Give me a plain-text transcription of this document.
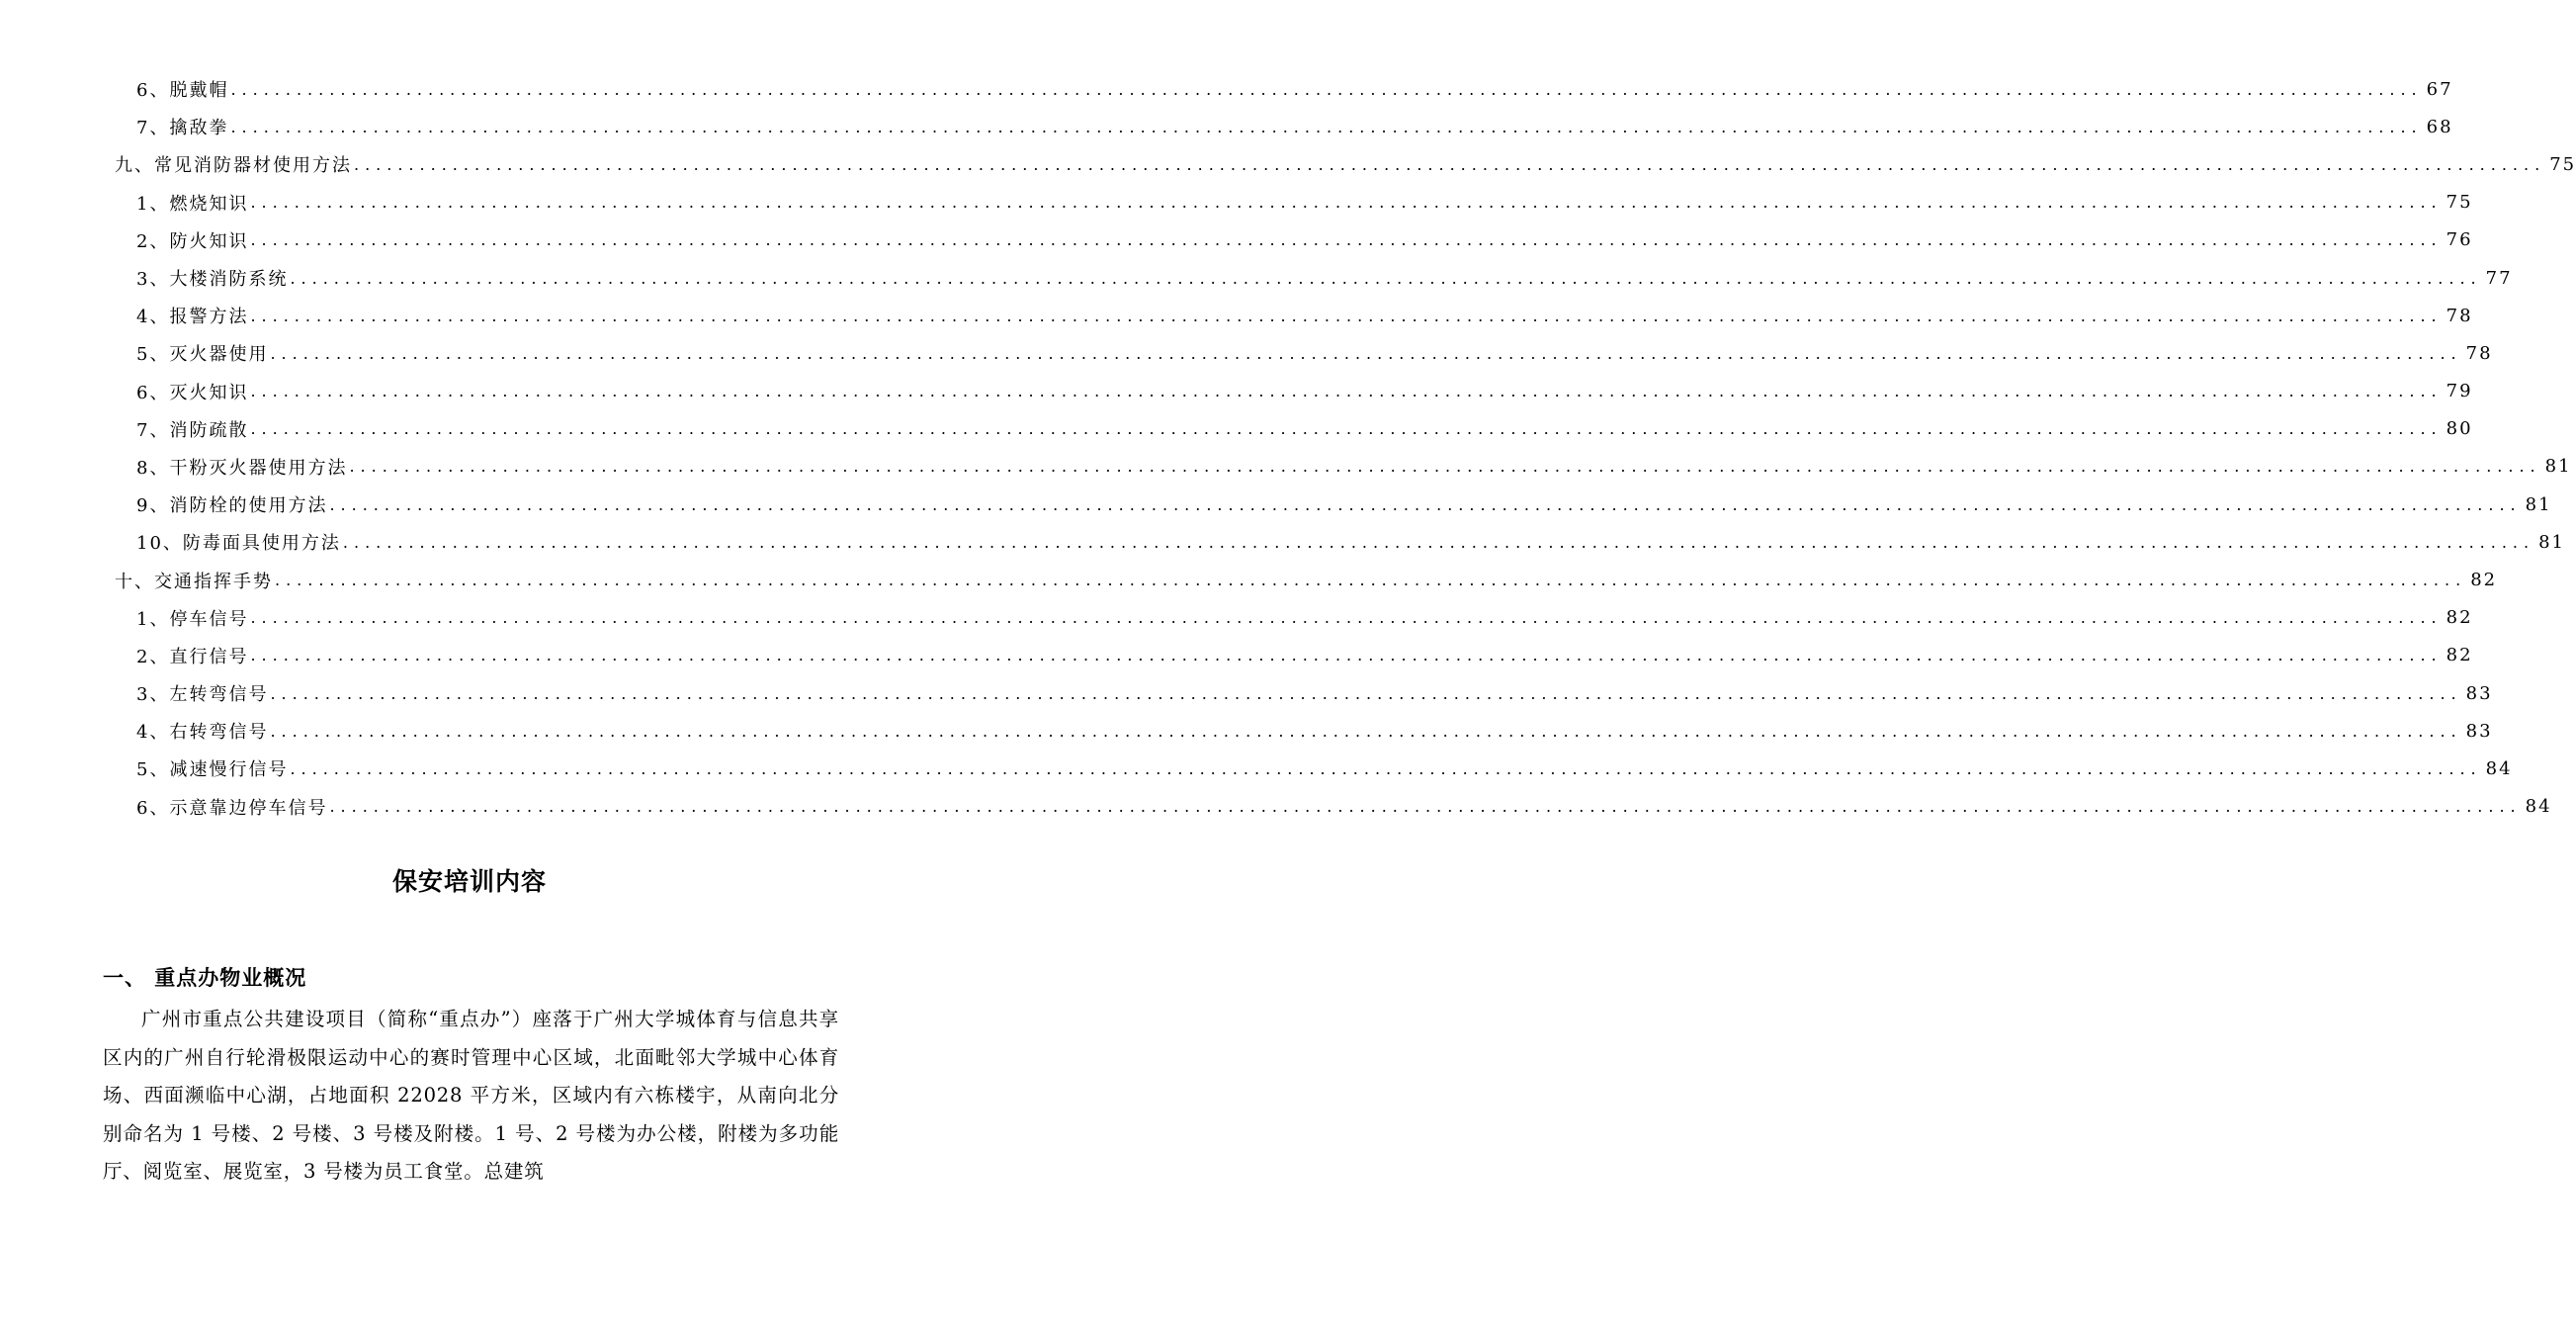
6、脱戴帽 ........................................................................................................................................................................................................ 67
7、擒敌拳 ........................................................................................................................................................................................................ 68
九、常见消防器材使用方法 ........................................................................................................................................................................................................ 75
1、燃烧知识 ........................................................................................................................................................................................................ 75
2、防火知识 ........................................................................................................................................................................................................ 76
3、大楼消防系统 ........................................................................................................................................................................................................ 77
4、报警方法 ........................................................................................................................................................................................................ 78
5、灭火器使用 ........................................................................................................................................................................................................ 78
6、灭火知识 ........................................................................................................................................................................................................ 79
7、消防疏散 ........................................................................................................................................................................................................ 80
8、干粉灭火器使用方法 ........................................................................................................................................................................................................ 81
9、消防栓的使用方法 ........................................................................................................................................................................................................ 81
10、防毒面具使用方法 ........................................................................................................................................................................................................ 81
十、交通指挥手势 ........................................................................................................................................................................................................ 82
1、停车信号 ........................................................................................................................................................................................................ 82
2、直行信号 ........................................................................................................................................................................................................ 82
3、左转弯信号 ........................................................................................................................................................................................................ 83
4、右转弯信号 ........................................................................................................................................................................................................ 83
5、减速慢行信号 ........................................................................................................................................................................................................ 84
6、示意靠边停车信号 ........................................................................................................................................................................................................ 84
保安培训内容
一、 重点办物业概况
广州市重点公共建设项目（简称“重点办”）座落于广州大学城体育与信息共享区内的广州自行轮滑极限运动中心的赛时管理中心区域，北面毗邻大学城中心体育场、西面濒临中心湖，占地面积 22028 平方米，区域内有六栋楼宇，从南向北分别命名为 1 号楼、2 号楼、3 号楼及附楼。1 号、2 号楼为办公楼，附楼为多功能厅、阅览室、展览室，3 号楼为员工食堂。总建筑
